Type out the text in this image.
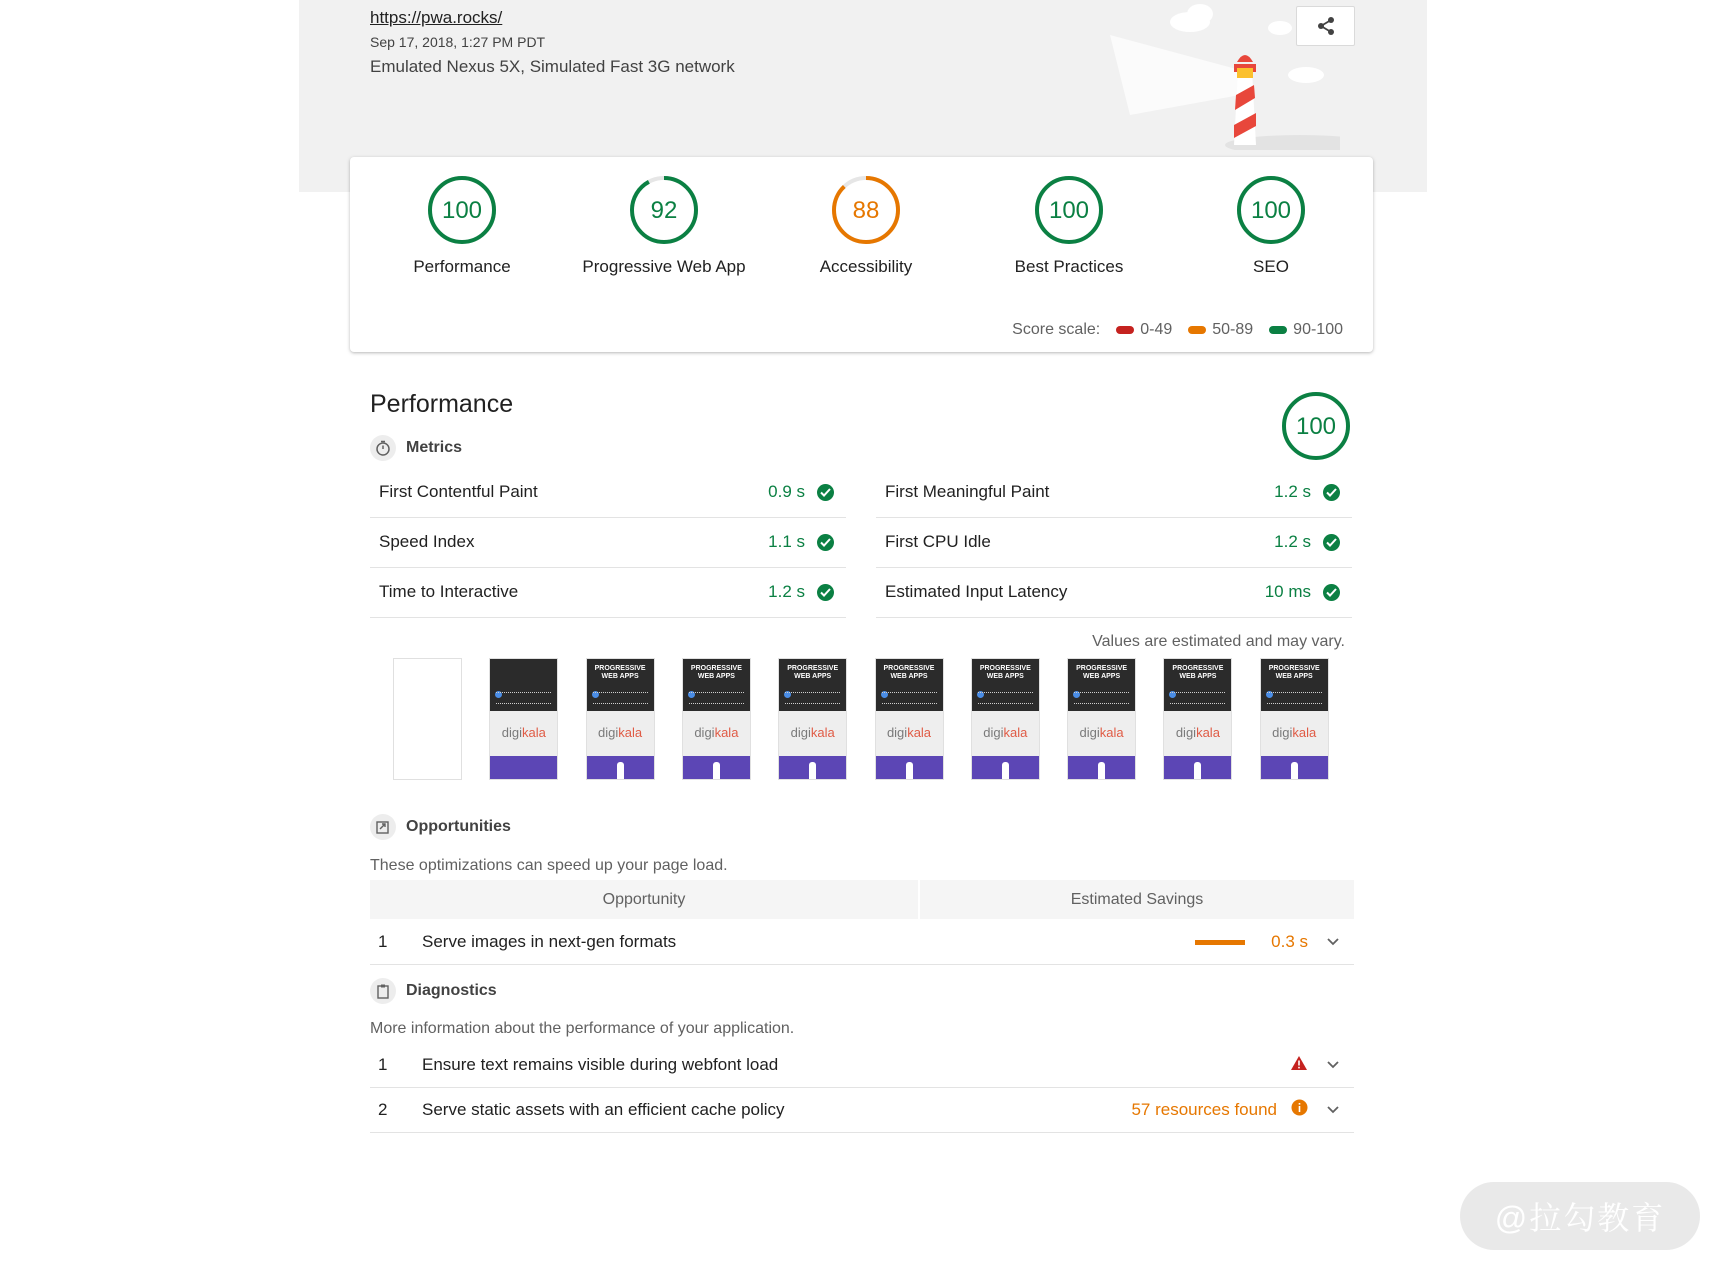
https://pwa.rocks/
Sep 17, 2018, 1:27 PM PDT
Emulated Nexus 5X, Simulated Fast 3G network
100
Performance
92
Progressive Web App
88
Accessibility
100
Best Practices
100
SEO
Score scale:	0-49	50-89	90-100
Performance
100
Metrics
First Contentful Paint	0.9 s	First Meaningful Paint	1.2 s
Speed Index	1.1 s	First CPU Idle	1.2 s
Time to Interactive	1.2 s	Estimated Input Latency	10 ms
Values are estimated and may vary.
digikala
PROGRESSIVE WEB APPS
digikala
PROGRESSIVE WEB APPS
digikala
PROGRESSIVE WEB APPS
digikala
PROGRESSIVE WEB APPS
digikala
PROGRESSIVE WEB APPS
digikala
PROGRESSIVE WEB APPS
digikala
PROGRESSIVE WEB APPS
digikala
PROGRESSIVE WEB APPS
digikala
Opportunities
These optimizations can speed up your page load.
Opportunity	Estimated Savings
1	Serve images in next-gen formats	0.3 s
Diagnostics
More information about the performance of your application.
1	Ensure text remains visible during webfont load
2	Serve static assets with an efficient cache policy	57 resources found
@拉勾教育
